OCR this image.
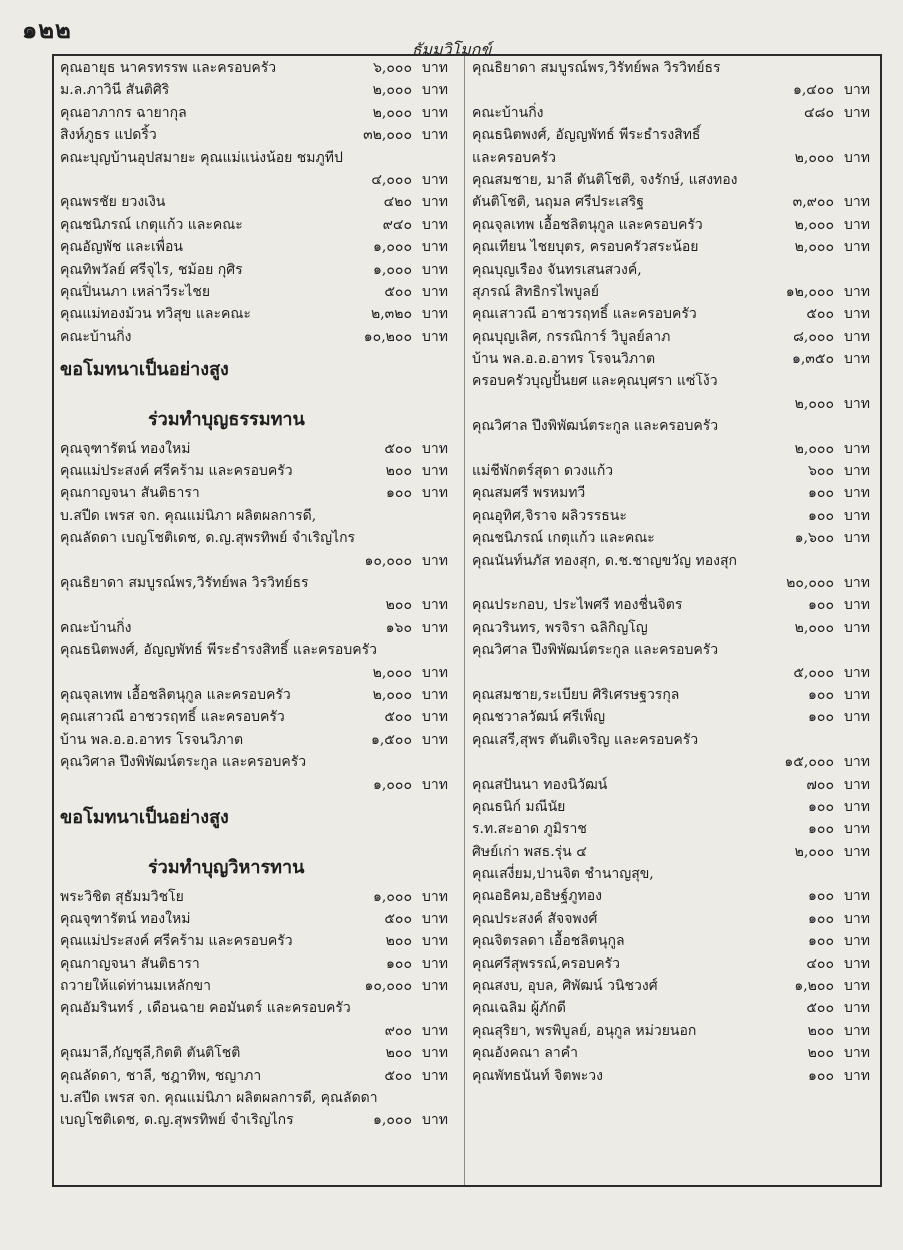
๑๒๒
ธัมมวิโมกข์
คุณอายุธ นาครทรรพ และครอบครัว	๖,๐๐๐ บาท
ม.ล.ภาวินี สันติศิริ	๒,๐๐๐ บาท
คุณอาภากร ฉายากุล	๒,๐๐๐ บาท
สิงห์ภูธร แปดริ้ว	๓๒,๐๐๐ บาท
คณะบุญบ้านอุปสมายะ คุณแม่แน่งน้อย ชมภูทีป
๔,๐๐๐ บาท
คุณพรชัย ยวงเงิน	๔๒๐ บาท
คุณชนิภรณ์ เกตุแก้ว และคณะ	๙๔๐ บาท
คุณอัญพัช และเพื่อน	๑,๐๐๐ บาท
คุณทิพวัลย์ ศรีจุไร, ชม้อย กุศิร	๑,๐๐๐ บาท
คุณปิ่นนภา เหล่าวีระไชย	๕๐๐ บาท
คุณแม่ทองม้วน ทวิสุข และคณะ	๒,๓๒๐ บาท
คณะบ้านกิ่ง	๑๐,๒๐๐ บาท
ขอโมทนาเป็นอย่างสูง
ร่วมทำบุญธรรมทาน
คุณจุฑารัตน์ ทองใหม่	๕๐๐ บาท
คุณแม่ประสงค์ ศรีคร้าม และครอบครัว	๒๐๐ บาท
คุณกาญจนา สันติธารา	๑๐๐ บาท
บ.สปีด เพรส จก. คุณแม่นิภา ผลิตผลการดี,
คุณลัดดา เบญโชติเดช, ด.ญ.สุพรทิพย์ จำเริญไกร
๑๐,๐๐๐ บาท
คุณธิยาดา สมบูรณ์พร,วิรัทย์พล วิรวิทย์ธร
๒๐๐ บาท
คณะบ้านกิ่ง	๑๖๐ บาท
คุณธนิตพงศ์, อัญญพัทธ์ พีระธำรงสิทธิ์ และครอบครัว
๒,๐๐๐ บาท
คุณจุลเทพ เอื้อชลิตนุกูล และครอบครัว	๒,๐๐๐ บาท
คุณเสาวณี อาชวรฤทธิ์ และครอบครัว	๕๐๐ บาท
บ้าน พล.อ.อ.อาทร โรจนวิภาต	๑,๕๐๐ บาท
คุณวิศาล ปึงพิพัฒน์ตระกูล และครอบครัว
๑,๐๐๐ บาท
ขอโมทนาเป็นอย่างสูง
ร่วมทำบุญวิหารทาน
พระวิชิต สุธัมมวิชโย	๑,๐๐๐ บาท
คุณจุฑารัตน์ ทองใหม่	๕๐๐ บาท
คุณแม่ประสงค์ ศรีคร้าม และครอบครัว	๒๐๐ บาท
คุณกาญจนา สันติธารา	๑๐๐ บาท
ถวายให้แด่ท่านมเหลักขา	๑๐,๐๐๐ บาท
คุณอัมรินทร์ , เดือนฉาย คอมันตร์ และครอบครัว
๙๐๐ บาท
คุณมาลี,กัญชุลี,กิตติ ตันติโชติ	๒๐๐ บาท
คุณลัดดา, ชาลี, ชฎาทิพ, ชญาภา	๕๐๐ บาท
บ.สปีด เพรส จก. คุณแม่นิภา ผลิตผลการดี, คุณลัดดา
เบญโชติเดช, ด.ญ.สุพรทิพย์ จำเริญไกร	๑,๐๐๐ บาท
คุณธิยาดา สมบูรณ์พร,วิรัทย์พล วิรวิทย์ธร
๑,๔๐๐ บาท
คณะบ้านกิ่ง	๔๘๐ บาท
คุณธนิตพงศ์, อัญญพัทธ์ พีระธำรงสิทธิ์
และครอบครัว	๒,๐๐๐ บาท
คุณสมชาย, มาลี ตันติโชติ, จงรักษ์, แสงทอง
ตันติโชติ, นฤมล ศรีประเสริฐ	๓,๙๐๐ บาท
คุณจุลเทพ เอื้อชลิตนุกูล และครอบครัว	๒,๐๐๐ บาท
คุณเทียน ไชยบุตร, ครอบครัวสระน้อย	๒,๐๐๐ บาท
คุณบุญเรือง จันทรเสนสวงค์,
สุภรณ์ สิทธิกรไพบูลย์	๑๒,๐๐๐ บาท
คุณเสาวณี อาชวรฤทธิ์ และครอบครัว	๕๐๐ บาท
คุณบุญเลิศ, กรรณิการ์ วิบูลย์ลาภ	๘,๐๐๐ บาท
บ้าน พล.อ.อ.อาทร โรจนวิภาต	๑,๓๕๐ บาท
ครอบครัวบุญปั้นยศ และคุณบุศรา แซ่โง้ว
๒,๐๐๐ บาท
คุณวิศาล ปึงพิพัฒน์ตระกูล และครอบครัว
๒,๐๐๐ บาท
แม่ชีพักตร์สุดา ดวงแก้ว	๖๐๐ บาท
คุณสมศรี พรหมทวี	๑๐๐ บาท
คุณอุทิศ,จิราจ ผลิวรรธนะ	๑๐๐ บาท
คุณชนิภรณ์ เกตุแก้ว และคณะ	๑,๖๐๐ บาท
คุณนันท์นภัส ทองสุก, ด.ช.ชาญขวัญ ทองสุก
๒๐,๐๐๐ บาท
คุณประกอบ, ประไพศรี ทองชื่นจิตร	๑๐๐ บาท
คุณวรินทร, พรจิรา ฉลิกิญโญ	๒,๐๐๐ บาท
คุณวิศาล ปึงพิพัฒน์ตระกูล และครอบครัว
๕,๐๐๐ บาท
คุณสมชาย,ระเบียบ ศิริเศรษฐวรกุล	๑๐๐ บาท
คุณชวาลวัฒน์ ศรีเพ็ญ	๑๐๐ บาท
คุณเสรี,สุพร ตันติเจริญ และครอบครัว
๑๕,๐๐๐ บาท
คุณสปันนา ทองนิวัฒน์	๗๐๐ บาท
คุณธนิก์ มณีนัย	๑๐๐ บาท
ร.ท.สะอาด ภูมิราช	๑๐๐ บาท
ศิษย์เก่า พสธ.รุ่น ๔	๒,๐๐๐ บาท
คุณเสงี่ยม,ปานจิต ชำนาญสุข,
คุณอธิคม,อธิษฐ์ภูทอง	๑๐๐ บาท
คุณประสงค์ สัจจพงศ์	๑๐๐ บาท
คุณจิตรลดา เอื้อชลิตนุกูล	๑๐๐ บาท
คุณศรีสุพรรณ์,ครอบครัว	๔๐๐ บาท
คุณสงบ, อุบล, ศิพัฒน์ วนิชวงศ์	๑,๒๐๐ บาท
คุณเฉลิม ผู้ภักดี	๕๐๐ บาท
คุณสุริยา, พรพิบูลย์, อนุกูล หม่วยนอก	๒๐๐ บาท
คุณอังคณา ลาคำ	๒๐๐ บาท
คุณพัทธนันท์ จิตพะวง	๑๐๐ บาท
